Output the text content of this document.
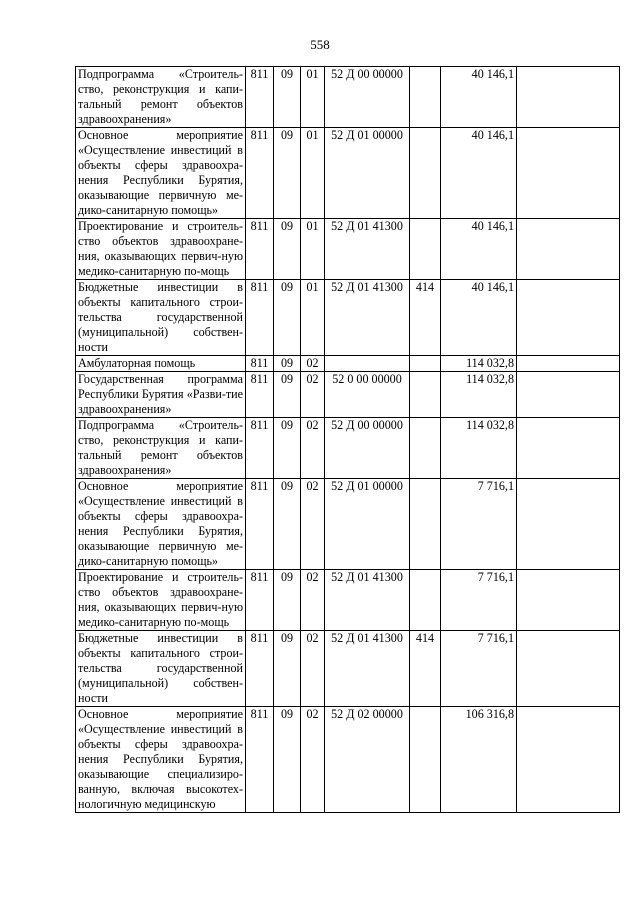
558
Подпрограмма «Строитель-ство, реконструкция и капи-тальный ремонт объектов здравоохранения»	811	09	01	52 Д 00 00000		40 146,1	
Основное мероприятие «Осуществление инвестиций в объекты сферы здравоохра-нения Республики Бурятия, оказывающие первичную ме-дико-санитарную помощь»	811	09	01	52 Д 01 00000		40 146,1	
Проектирование и строитель-ство объектов здравоохране-ния, оказывающих первич-ную медико-санитарную по-мощь	811	09	01	52 Д 01 41300		40 146,1	
Бюджетные инвестиции в объекты капитального строи-тельства государственной (муниципальной) собствен-ности	811	09	01	52 Д 01 41300	414	40 146,1	
Амбулаторная помощь	811	09	02			114 032,8	
Государственная программа Республики Бурятия «Разви-тие здравоохранения»	811	09	02	52 0 00 00000		114 032,8	
Подпрограмма «Строитель-ство, реконструкция и капи-тальный ремонт объектов здравоохранения»	811	09	02	52 Д 00 00000		114 032,8	
Основное мероприятие «Осуществление инвестиций в объекты сферы здравоохра-нения Республики Бурятия, оказывающие первичную ме-дико-санитарную помощь»	811	09	02	52 Д 01 00000		7 716,1	
Проектирование и строитель-ство объектов здравоохране-ния, оказывающих первич-ную медико-санитарную по-мощь	811	09	02	52 Д 01 41300		7 716,1	
Бюджетные инвестиции в объекты капитального строи-тельства государственной (муниципальной) собствен-ности	811	09	02	52 Д 01 41300	414	7 716,1	
Основное мероприятие «Осуществление инвестиций в объекты сферы здравоохра-нения Республики Бурятия, оказывающие специализиро-ванную, включая высокотех-нологичную медицинскую	811	09	02	52 Д 02 00000		106 316,8	
